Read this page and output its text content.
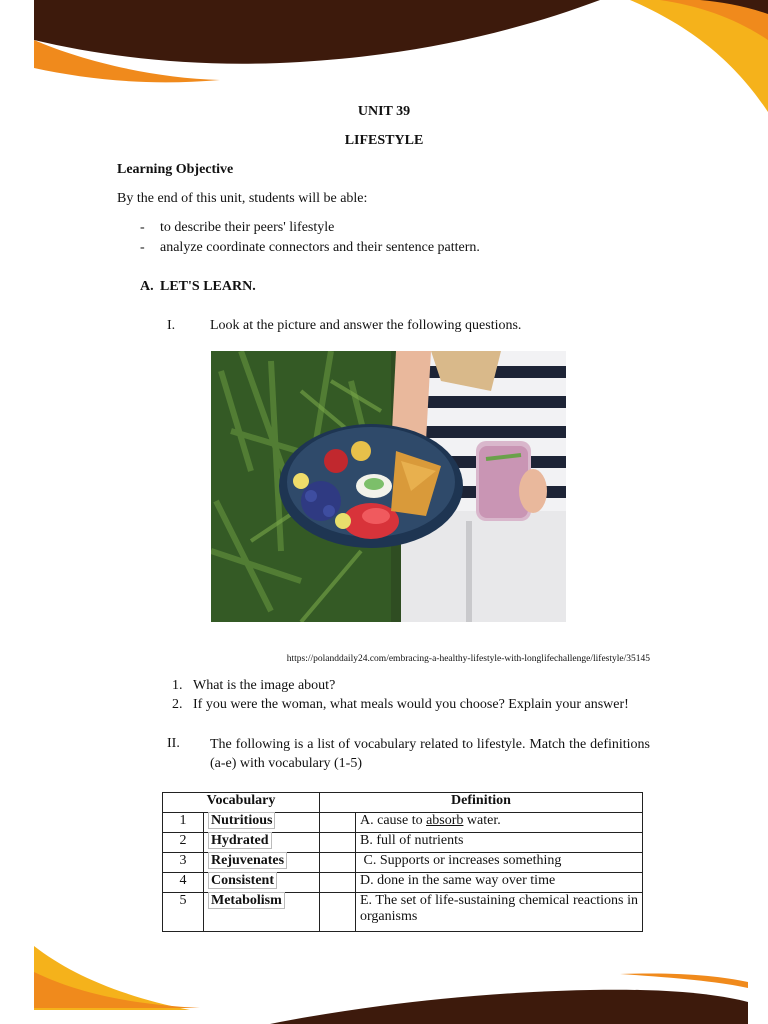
UNIT 39
LIFESTYLE
Learning Objective
By the end of this unit, students will be able:
- to describe their peers' lifestyle
- analyze coordinate connectors and their sentence pattern.
A. LET'S LEARN.
I. Look at the picture and answer the following questions.
https://polanddaily24.com/embracing-a-healthy-lifestyle-with-longlifechallenge/lifestyle/35145
1. What is the image about?
2. If you were the woman, what meals would you choose? Explain your answer!
II. The following is a list of vocabulary related to lifestyle. Match the definitions (a-e) with vocabulary (1-5)
Vocabulary		Definition	
1	Nutritious		A. cause to absorb water.
2	Hydrated		B. full of nutrients
3	Rejuvenates		C. Supports or increases something
4	Consistent		D. done in the same way over time
5	Metabolism		E. The set of life-sustaining chemical reactions in organisms
